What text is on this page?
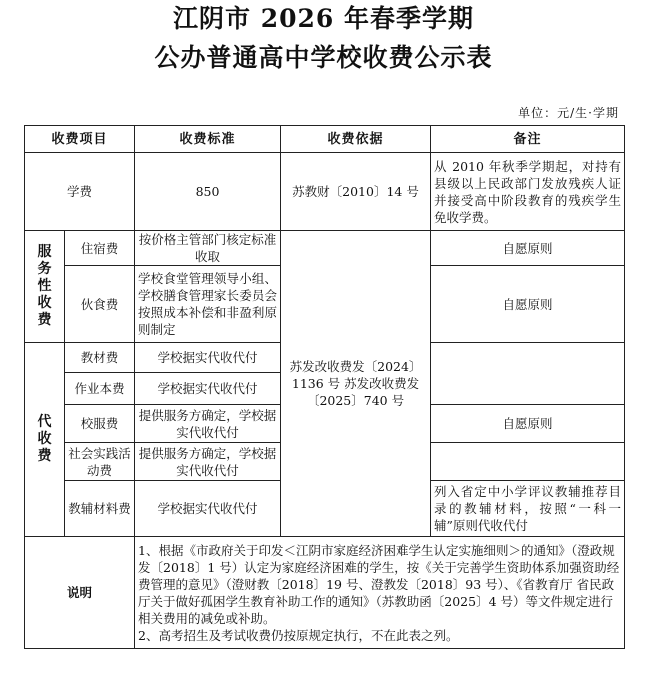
江阴市 2026 年春季学期
公办普通高中学校收费公示表
单位：元/生·学期
收费项目		收费标准	收费依据	备注
学费		850	苏教财〔2010〕14 号	从 2010 年秋季学期起，对持有县级以上民政部门发放残疾人证并接受高中阶段教育的残疾学生免收学费。
服务性收费	住宿费	按价格主管部门核定标准收取	苏发改收费发〔2024〕1136 号 苏发改收费发〔2025〕740 号	自愿原则
	伙食费	学校食堂管理领导小组、学校膳食管理家长委员会按照成本补偿和非盈利原则制定		自愿原则
代收费	教材费	学校据实代收代付		
	作业本费	学校据实代收代付		
	校服费	提供服务方确定，学校据实代收代付		自愿原则
	社会实践活动费	提供服务方确定，学校据实代收代付		
	教辅材料费	学校据实代收代付		列入省定中小学评议教辅推荐目录的教辅材料，按照“一科一辅”原则代收代付
说明		1、根据《市政府关于印发＜江阴市家庭经济困难学生认定实施细则＞的通知》（澄政规发〔2018〕1 号）认定为家庭经济困难的学生，按《关于完善学生资助体系加强资助经费管理的意见》（澄财教〔2018〕19 号、澄教发〔2018〕93 号）、《省教育厅 省民政厅关于做好孤困学生教育补助工作的通知》（苏教助函〔2025〕4 号）等文件规定进行相关费用的减免或补助。

2、高考招生及考试收费仍按原规定执行，不在此表之列。		
